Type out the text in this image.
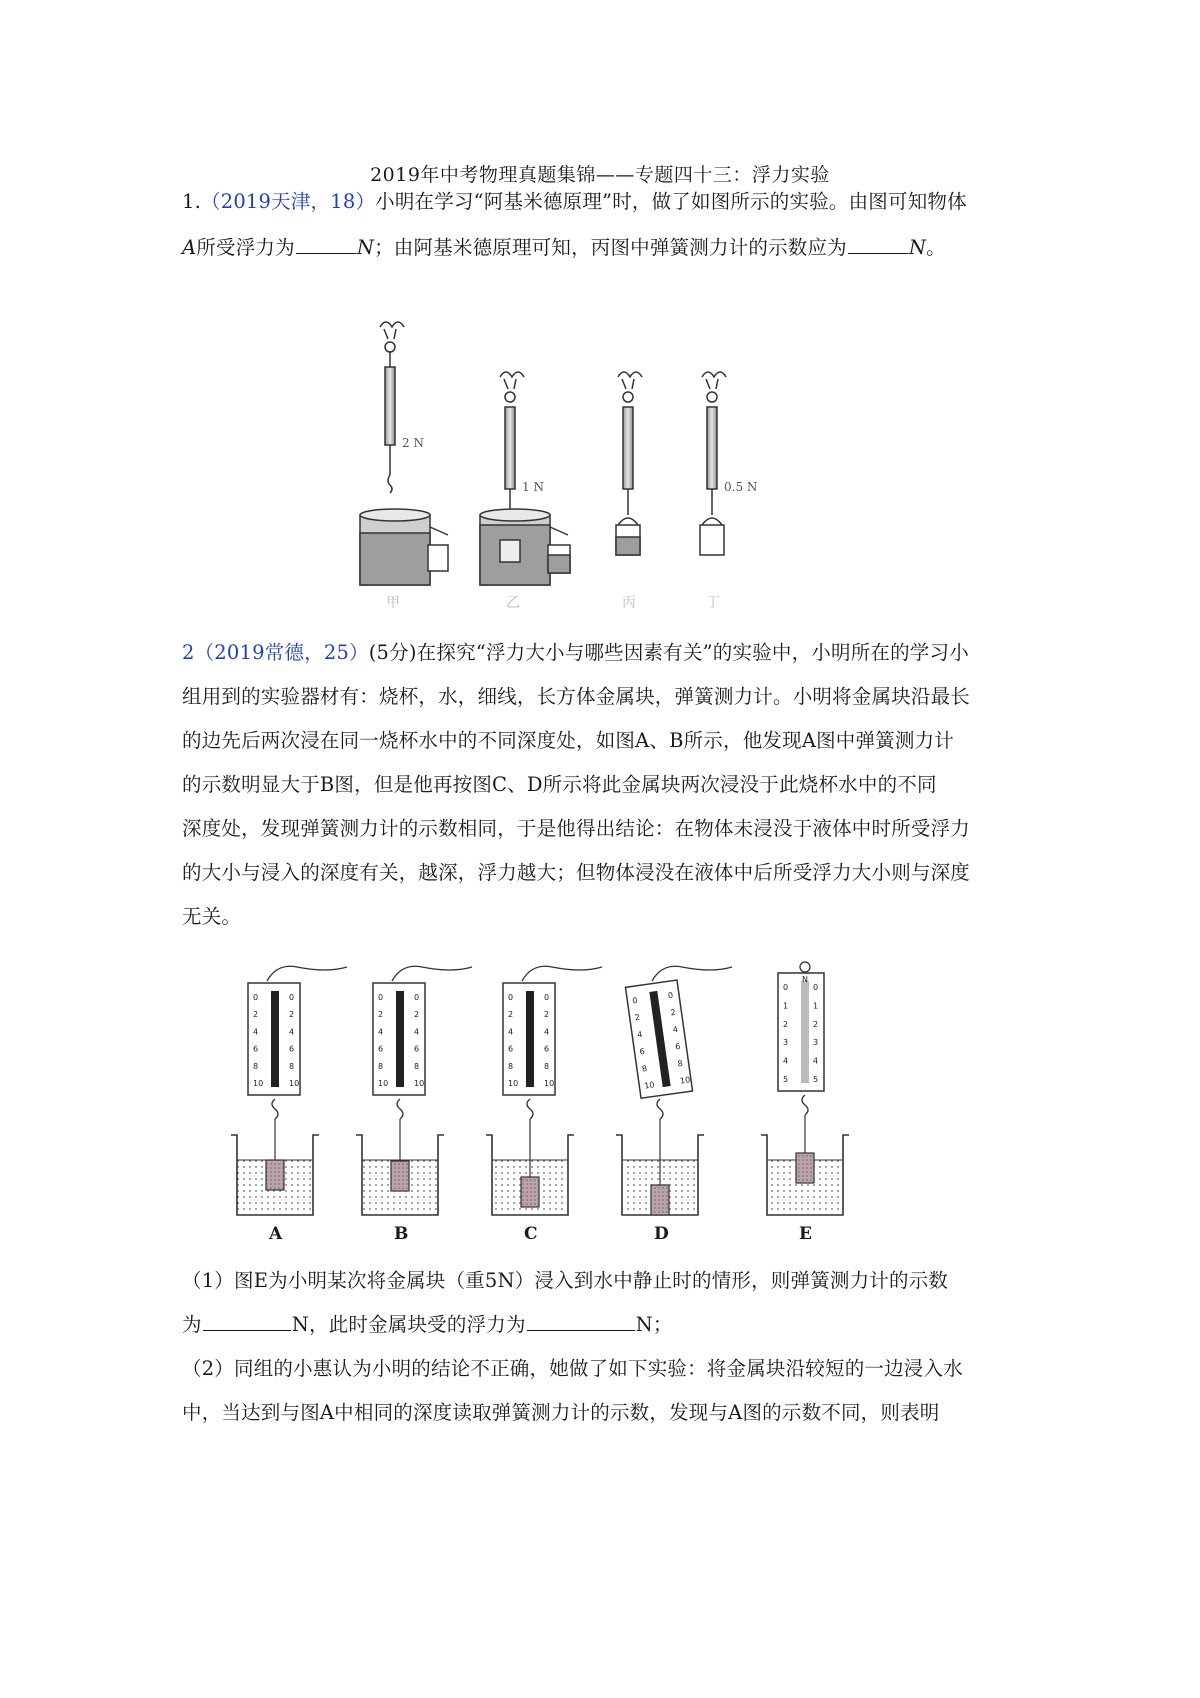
2019年中考物理真题集锦——专题四十三：浮力实验
1.（2019天津，18）小明在学习“阿基米德原理”时，做了如图所示的实验。由图可知物体
A所受浮力为	N；由阿基米德原理可知，丙图中弹簧测力计的示数应为	N。
2 N
甲
1 N
乙	丙
0.5 N
丁
2（2019常德，25）(5分)在探究“浮力大小与哪些因素有关”的实验中，小明所在的学习小
组用到的实验器材有：烧杯，水，细线，长方体金属块，弹簧测力计。小明将金属块沿最长
的边先后两次浸在同一烧杯水中的不同深度处，如图A、B所示，他发现A图中弹簧测力计
的示数明显大于B图，但是他再按图C、D所示将此金属块两次浸没于此烧杯水中的不同
深度处，发现弹簧测力计的示数相同，于是他得出结论：在物体未浸没于液体中时所受浮力
的大小与浸入的深度有关，越深，浮力越大；但物体浸没在液体中后所受浮力大小则与深度
无关。
0	0
2	2
4	4
6	6
8	8
10	10
A
0	0
2	2
4	4
6	6
8	8
10	10
B
0	0
2	2
4	4
6	6
8	8
10	10
C
0
0
2
2
4
4
6
6
8
8
10	10
D
0	0
1	1
2	2
3	3
4	4
5	5
N
E
（1）图E为小明某次将金属块（重5N）浸入到水中静止时的情形，则弹簧测力计的示数
为	N，此时金属块受的浮力为	N；
（2）同组的小惠认为小明的结论不正确，她做了如下实验：将金属块沿较短的一边浸入水
中，当达到与图A中相同的深度读取弹簧测力计的示数，发现与A图的示数不同，则表明
